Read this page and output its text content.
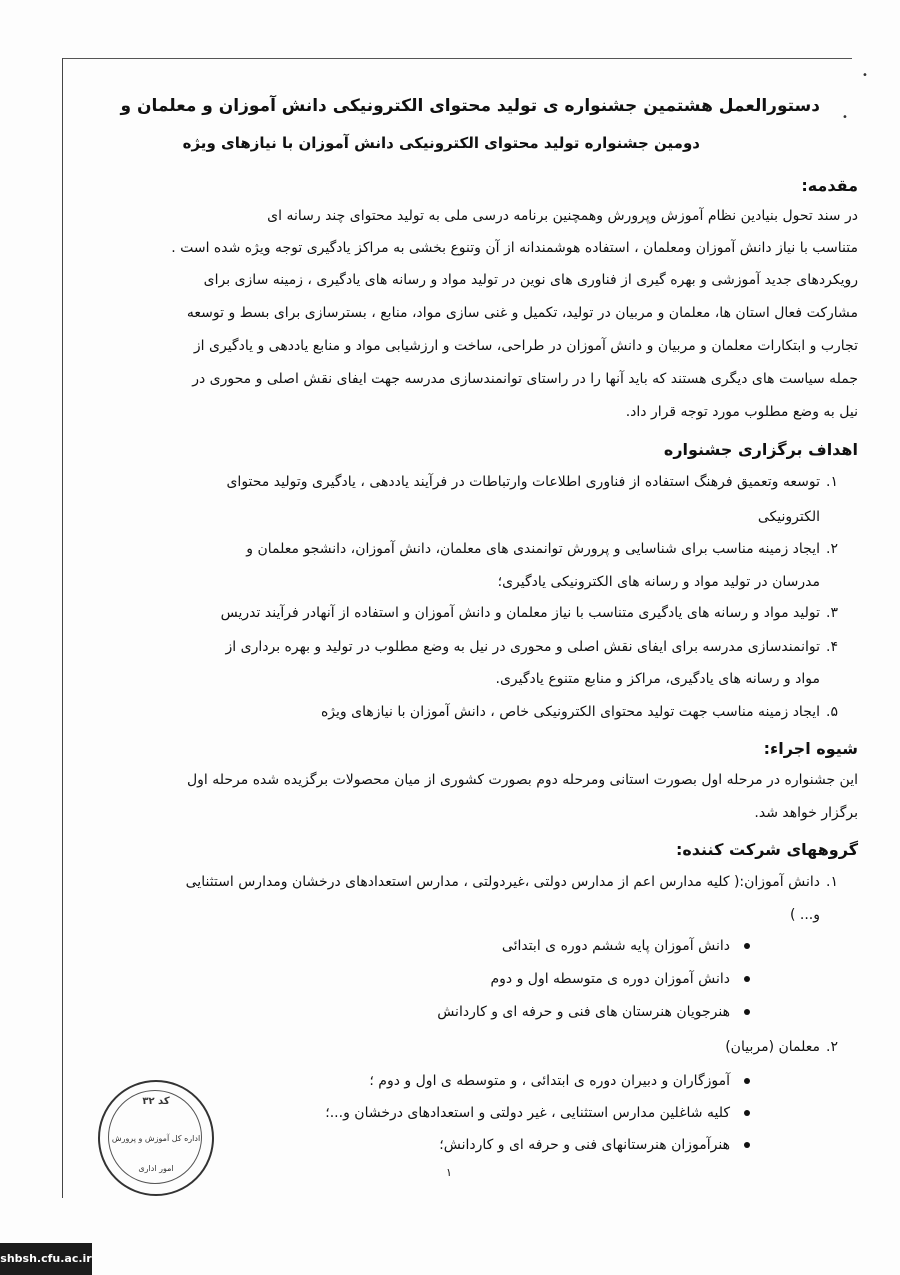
•
•
دستورالعمل هشتمین جشنواره ی تولید محتوای الکترونیکی دانش آموزان و معلمان و
دومین جشنواره تولید محتوای الکترونیکی دانش آموزان با نیازهای ویژه
مقدمه:
در سند تحول بنیادین نظام آموزش وپرورش وهمچنین برنامه درسی ملی به تولید محتوای چند رسانه ای
متناسب با نیاز دانش آموزان ومعلمان ، استفاده هوشمندانه از آن وتنوع بخشی به مراکز یادگیری توجه ویژه شده است .
رویکردهای جدید آموزشی و بهره گیری از فناوری های نوین در تولید مواد و رسانه های یادگیری ، زمینه سازی برای
مشارکت فعال استان ها، معلمان و مربیان در تولید، تکمیل و غنی سازی مواد، منابع ، بسترسازی برای بسط و توسعه
تجارب و ابتکارات معلمان و مربیان و دانش آموزان در طراحی، ساخت و ارزشیابی مواد و منابع یاددهی و یادگیری از
جمله سیاست های دیگری هستند که باید آنها را در راستای توانمندسازی مدرسه جهت ایفای نقش اصلی و محوری در
نیل به وضع مطلوب مورد توجه قرار داد.
اهداف برگزاری جشنواره
۱.توسعه وتعمیق فرهنگ استفاده از فناوری اطلاعات وارتباطات در فرآیند یاددهی ، یادگیری وتولید محتوای
الکترونیکی
۲.ایجاد زمینه مناسب برای شناسایی و پرورش توانمندی های معلمان، دانش آموزان، دانشجو معلمان و
مدرسان در تولید مواد و رسانه های الکترونیکی یادگیری؛
۳.تولید مواد و رسانه های یادگیری متناسب با نیاز معلمان و دانش آموزان و استفاده از آنهادر فرآیند تدریس
۴.توانمندسازی مدرسه برای ایفای نقش اصلی و محوری در نیل به وضع مطلوب در تولید و بهره برداری از
مواد و رسانه های یادگیری، مراکز و منابع متنوع یادگیری.
۵.ایجاد زمینه مناسب جهت تولید محتوای الکترونیکی خاص ، دانش آموزان با نیازهای ویژه
شیوه اجراء:
این جشنواره در مرحله اول بصورت استانی ومرحله دوم بصورت کشوری از میان محصولات برگزیده شده مرحله اول
برگزار خواهد شد.
گروههای شرکت کننده:
۱.دانش آموزان:( کلیه مدارس اعم از مدارس دولتی ،غیردولتی ، مدارس استعدادهای درخشان ومدارس استثنایی
و... )
دانش آموزان پایه ششم دوره ی ابتدائی
دانش آموزان دوره ی متوسطه اول و دوم
هنرجویان هنرستان های فنی و حرفه ای و کاردانش
۲.معلمان (مربیان)
آموزگاران و دبیران دوره ی ابتدائی ، و متوسطه ی اول و دوم ؛
کلیه شاغلین مدارس استثنایی ، غیر دولتی و استعدادهای درخشان و...؛
هنرآموزان هنرستانهای فنی و حرفه ای و کاردانش؛
۱
کد ۳۲
اداره کل آموزش و پرورش
امور اداری
shbsh.cfu.ac.ir
